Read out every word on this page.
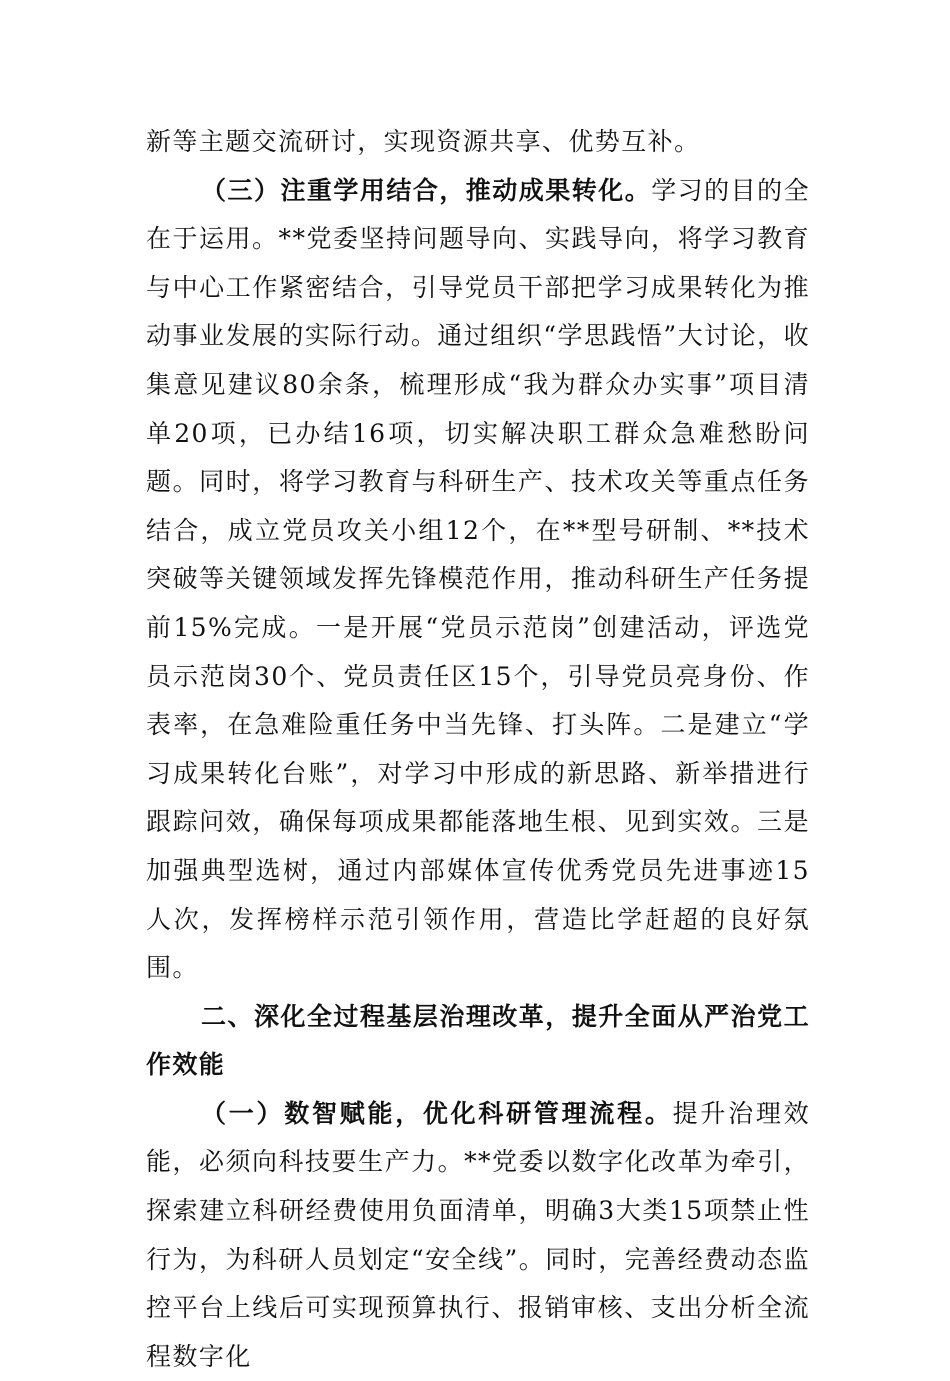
新等主题交流研讨，实现资源共享、优势互补。

（三）注重学用结合，推动成果转化。学习的目的全在于运用。**党委坚持问题导向、实践导向，将学习教育与中心工作紧密结合，引导党员干部把学习成果转化为推动事业发展的实际行动。通过组织“学思践悟”大讨论，收集意见建议80余条，梳理形成“我为群众办实事”项目清单20项，已办结16项，切实解决职工群众急难愁盼问题。同时，将学习教育与科研生产、技术攻关等重点任务结合，成立党员攻关小组12个，在**型号研制、**技术突破等关键领域发挥先锋模范作用，推动科研生产任务提前15%完成。一是开展“党员示范岗”创建活动，评选党员示范岗30个、党员责任区15个，引导党员亮身份、作表率，在急难险重任务中当先锋、打头阵。二是建立“学习成果转化台账”，对学习中形成的新思路、新举措进行跟踪问效，确保每项成果都能落地生根、见到实效。三是加强典型选树，通过内部媒体宣传优秀党员先进事迹15人次，发挥榜样示范引领作用，营造比学赶超的良好氛围。

二、深化全过程基层治理改革，提升全面从严治党工作效能

（一）数智赋能，优化科研管理流程。提升治理效能，必须向科技要生产力。**党委以数字化改革为牵引，探索建立科研经费使用负面清单，明确3大类15项禁止性行为，为科研人员划定“安全线”。同时，完善经费动态监控平台上线后可实现预算执行、报销审核、支出分析全流程数字化
